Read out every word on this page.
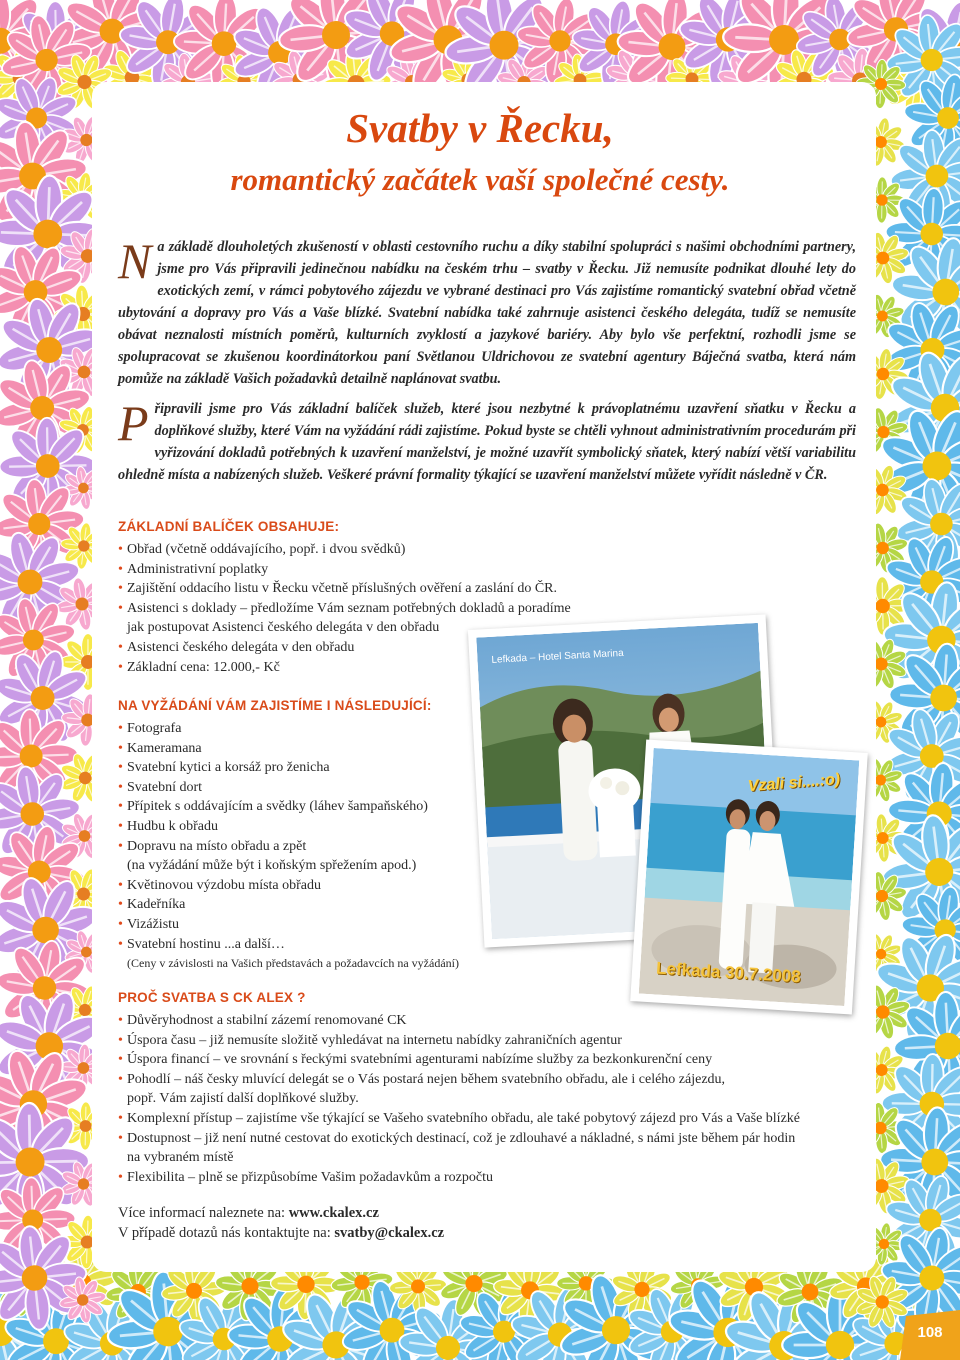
Svatby v Řecku,
romantický začátek vaší společné cesty.

Na základě dlouholetých zkušeností v oblasti cestovního ruchu a díky stabilní spolupráci s našimi obchodními partnery, jsme pro Vás připravili jedinečnou nabídku na českém trhu – svatby v Řecku. Již nemusíte podnikat dlouhé lety do exotických zemí, v rámci pobytového zájezdu ve vybrané destinaci pro Vás zajistíme romantický svatební obřad včetně ubytování a dopravy pro Vás a Vaše blízké. Svatební nabídka také zahrnuje asistenci českého delegáta, tudíž se nemusíte obávat neznalosti místních poměrů, kulturních zvyklostí a jazykové bariéry. Aby bylo vše perfektní, rozhodli jsme se spolupracovat se zkušenou koordinátorkou paní Světlanou Uldrichovou ze svatební agentury Báječná svatba, která nám pomůže na základě Vašich požadavků detailně naplánovat svatbu.

Připravili jsme pro Vás základní balíček služeb, které jsou nezbytné k právoplatnému uzavření sňatku v Řecku a doplňkové služby, které Vám na vyžádání rádi zajistíme. Pokud byste se chtěli vyhnout administrativním procedurám při vyřizování dokladů potřebných k uzavření manželství, je možné uzavřít symbolický sňatek, který nabízí větší variabilitu ohledně místa a nabízených služeb. Veškeré právní formality týkající se uzavření manželství můžete vyřídit následně v ČR.

ZÁKLADNÍ BALÍČEK OBSAHUJE:
• Obřad (včetně oddávajícího, popř. i dvou svědků)
• Administrativní poplatky
• Zajištění oddacího listu v Řecku včetně příslušných ověření a zaslání do ČR.
• Asistenci s doklady – předložíme Vám seznam potřebných dokladů a poradíme
jak postupovat Asistenci českého delegáta v den obřadu
• Asistenci českého delegáta v den obřadu
• Základní cena: 12.000,- Kč
NA VYŽÁDÁNÍ VÁM ZAJISTÍME I NÁSLEDUJÍCÍ:
• Fotografa
• Kameramana
• Svatební kytici a korsáž pro ženicha
• Svatební dort
• Přípitek s oddávajícím a svědky (láhev šampaňského)
• Hudbu k obřadu
• Dopravu na místo obřadu a zpět
(na vyžádání může být i koňským spřežením apod.)
• Květinovou výzdobu místa obřadu
• Kadeřníka
• Vizážistu
• Svatební hostinu ...a další…
(Ceny v závislosti na Vašich představách a požadavcích na vyžádání)
PROČ SVATBA S CK ALEX ?
• Důvěryhodnost a stabilní zázemí renomované CK
• Úspora času – již nemusíte složitě vyhledávat na internetu nabídky zahraničních agentur
• Úspora financí – ve srovnání s řeckými svatebními agenturami nabízíme služby za bezkonkurenční ceny
• Pohodlí – náš česky mluvící delegát se o Vás postará nejen během svatebního obřadu, ale i celého zájezdu,
popř. Vám zajistí další doplňkové služby.
• Komplexní přístup – zajistíme vše týkající se Vašeho svatebního obřadu, ale také pobytový zájezd pro Vás a Vaše blízké
• Dostupnost – již není nutné cestovat do exotických destinací, což je zdlouhavé a nákladné, s námi jste během pár hodin
na vybraném místě
• Flexibilita – plně se přizpůsobíme Vašim požadavkům a rozpočtu
Více informací naleznete na: www.ckalex.cz
V případě dotazů nás kontaktujte na: svatby@ckalex.cz
Lefkada – Hotel Santa Marina
Vzali si....:o)
Lefkada 30.7.2008
108
